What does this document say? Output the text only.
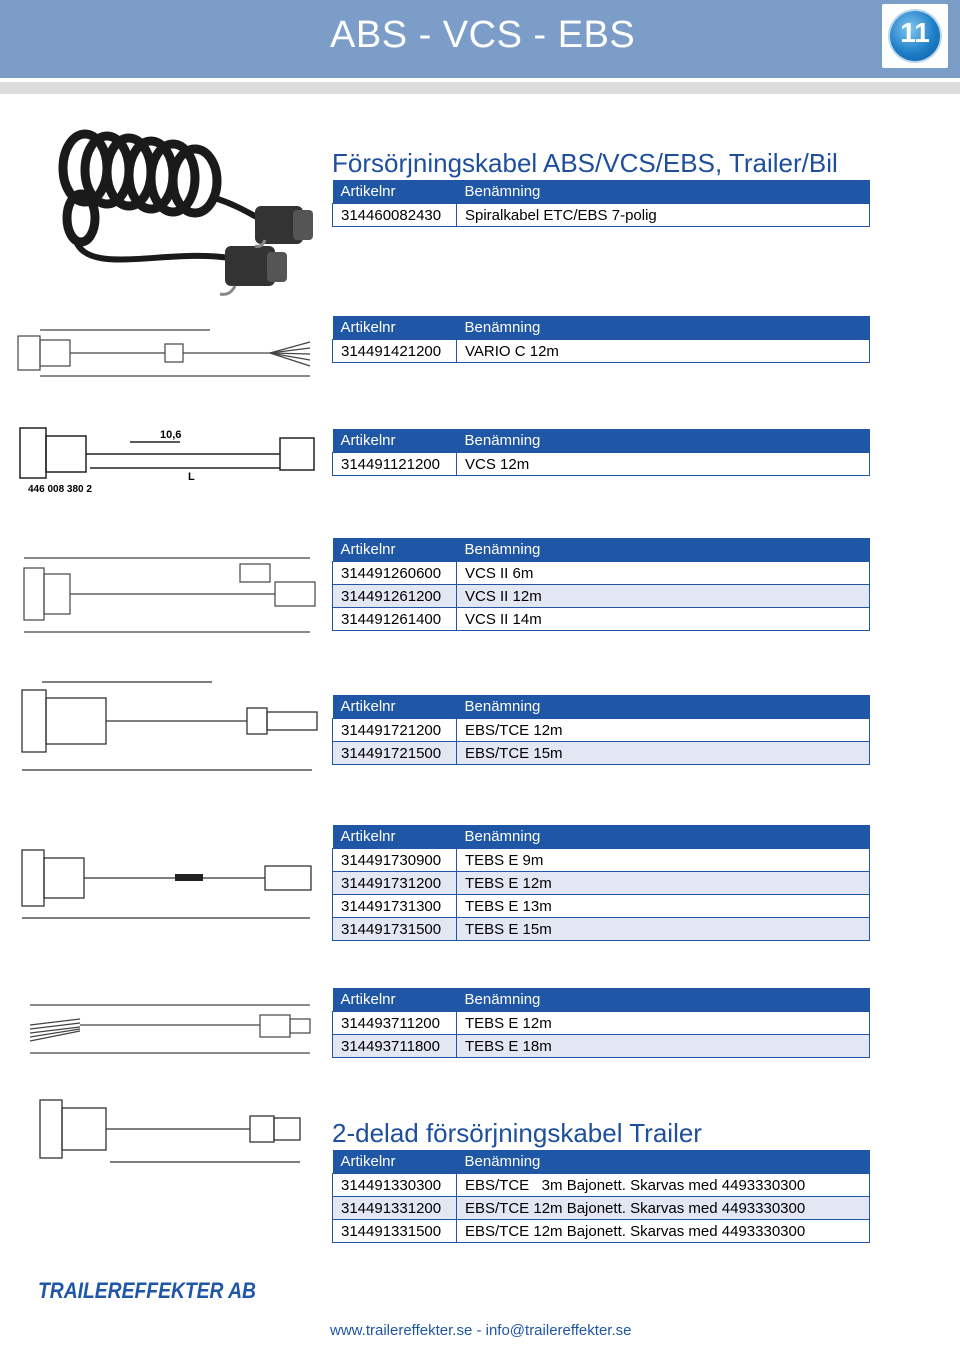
ABS - VCS - EBS	11
Försörjningskabel ABS/VCS/EBS, Trailer/Bil
Artikelnr	Benämning
314460082430	Spiralkabel ETC/EBS 7-polig
Artikelnr	Benämning
314491421200	VARIO C 12m
10,6
L
446 008 380 2
Artikelnr	Benämning
314491121200	VCS 12m
Artikelnr	Benämning
314491260600	VCS II 6m
314491261200	VCS II 12m
314491261400	VCS II 14m
Artikelnr	Benämning
314491721200	EBS/TCE 12m
314491721500	EBS/TCE 15m
Artikelnr	Benämning
314491730900	TEBS E 9m
314491731200	TEBS E 12m
314491731300	TEBS E 13m
314491731500	TEBS E 15m
Artikelnr	Benämning
314493711200	TEBS E 12m
314493711800	TEBS E 18m
2-delad försörjningskabel Trailer
Artikelnr	Benämning
314491330300	EBS/TCE   3m Bajonett. Skarvas med 4493330300
314491331200	EBS/TCE 12m Bajonett. Skarvas med 4493330300
314491331500	EBS/TCE 12m Bajonett. Skarvas med 4493330300
TRAILEREFFEKTER AB
www.trailereffekter.se - info@trailereffekter.se
